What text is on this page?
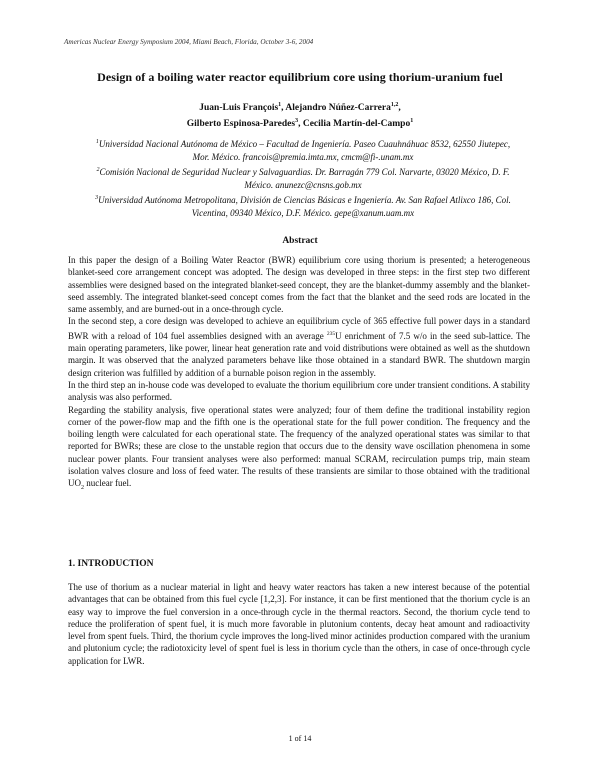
Americas Nuclear Energy Symposium 2004, Miami Beach, Florida, October 3-6, 2004
Design of a boiling water reactor equilibrium core using thorium-uranium fuel
Juan-Luis François$^1$, Alejandro Núñez-Carrera$^{1,2}$,
Gilberto Espinosa-Paredes$^3$, Cecilia Martín-del-Campo$^1$

$^1$Universidad Nacional Autónoma de México – Facultad de Ingeniería. Paseo Cuauhnáhuac 8532, 62550 Jiutepec, Mor. México. francois@premia.imta.mx, cmcm@fi-.unam.mx

$^2$Comisión Nacional de Seguridad Nuclear y Salvaguardias. Dr. Barragán 779 Col. Narvarte, 03020 México, D. F. México. anunezc@cnsns.gob.mx

$^3$Universidad Autónoma Metropolitana, División de Ciencias Básicas e Ingeniería. Av. San Rafael Atlixco 186, Col. Vicentina, 09340 México, D.F. México. gepe@xanum.uam.mx

Abstract

In this paper the design of a Boiling Water Reactor (BWR) equilibrium core using thorium is presented; a heterogeneous blanket-seed core arrangement concept was adopted. The design was developed in three steps: in the first step two different assemblies were designed based on the integrated blanket-seed concept, they are the blanket-dummy assembly and the blanket-seed assembly. The integrated blanket-seed concept comes from the fact that the blanket and the seed rods are located in the same assembly, and are burned-out in a once-through cycle.

In the second step, a core design was developed to achieve an equilibrium cycle of 365 effective full power days in a standard BWR with a reload of 104 fuel assemblies designed with an average $^{235}$U enrichment of 7.5 w/o in the seed sub-lattice. The main operating parameters, like power, linear heat generation rate and void distributions were obtained as well as the shutdown margin. It was observed that the analyzed parameters behave like those obtained in a standard BWR. The shutdown margin design criterion was fulfilled by addition of a burnable poison region in the assembly.

In the third step an in-house code was developed to evaluate the thorium equilibrium core under transient conditions. A stability analysis was also performed.

Regarding the stability analysis, five operational states were analyzed; four of them define the traditional instability region corner of the power-flow map and the fifth one is the operational state for the full power condition. The frequency and the boiling length were calculated for each operational state. The frequency of the analyzed operational states was similar to that reported for BWRs; these are close to the unstable region that occurs due to the density wave oscillation phenomena in some nuclear power plants. Four transient analyses were also performed: manual SCRAM, recirculation pumps trip, main steam isolation valves closure and loss of feed water. The results of these transients are similar to those obtained with the traditional $UO_2$ nuclear fuel.

1. INTRODUCTION

The use of thorium as a nuclear material in light and heavy water reactors has taken a new interest because of the potential advantages that can be obtained from this fuel cycle [1,2,3]. For instance, it can be first mentioned that the thorium cycle is an easy way to improve the fuel conversion in a once-through cycle in the thermal reactors. Second, the thorium cycle tend to reduce the proliferation of spent fuel, it is much more favorable in plutonium contents, decay heat amount and radioactivity level from spent fuels. Third, the thorium cycle improves the long-lived minor actinides production compared with the uranium and plutonium cycle; the radiotoxicity level of spent fuel is less in thorium cycle than the others, in case of once-through cycle application for LWR.

1 of 14
